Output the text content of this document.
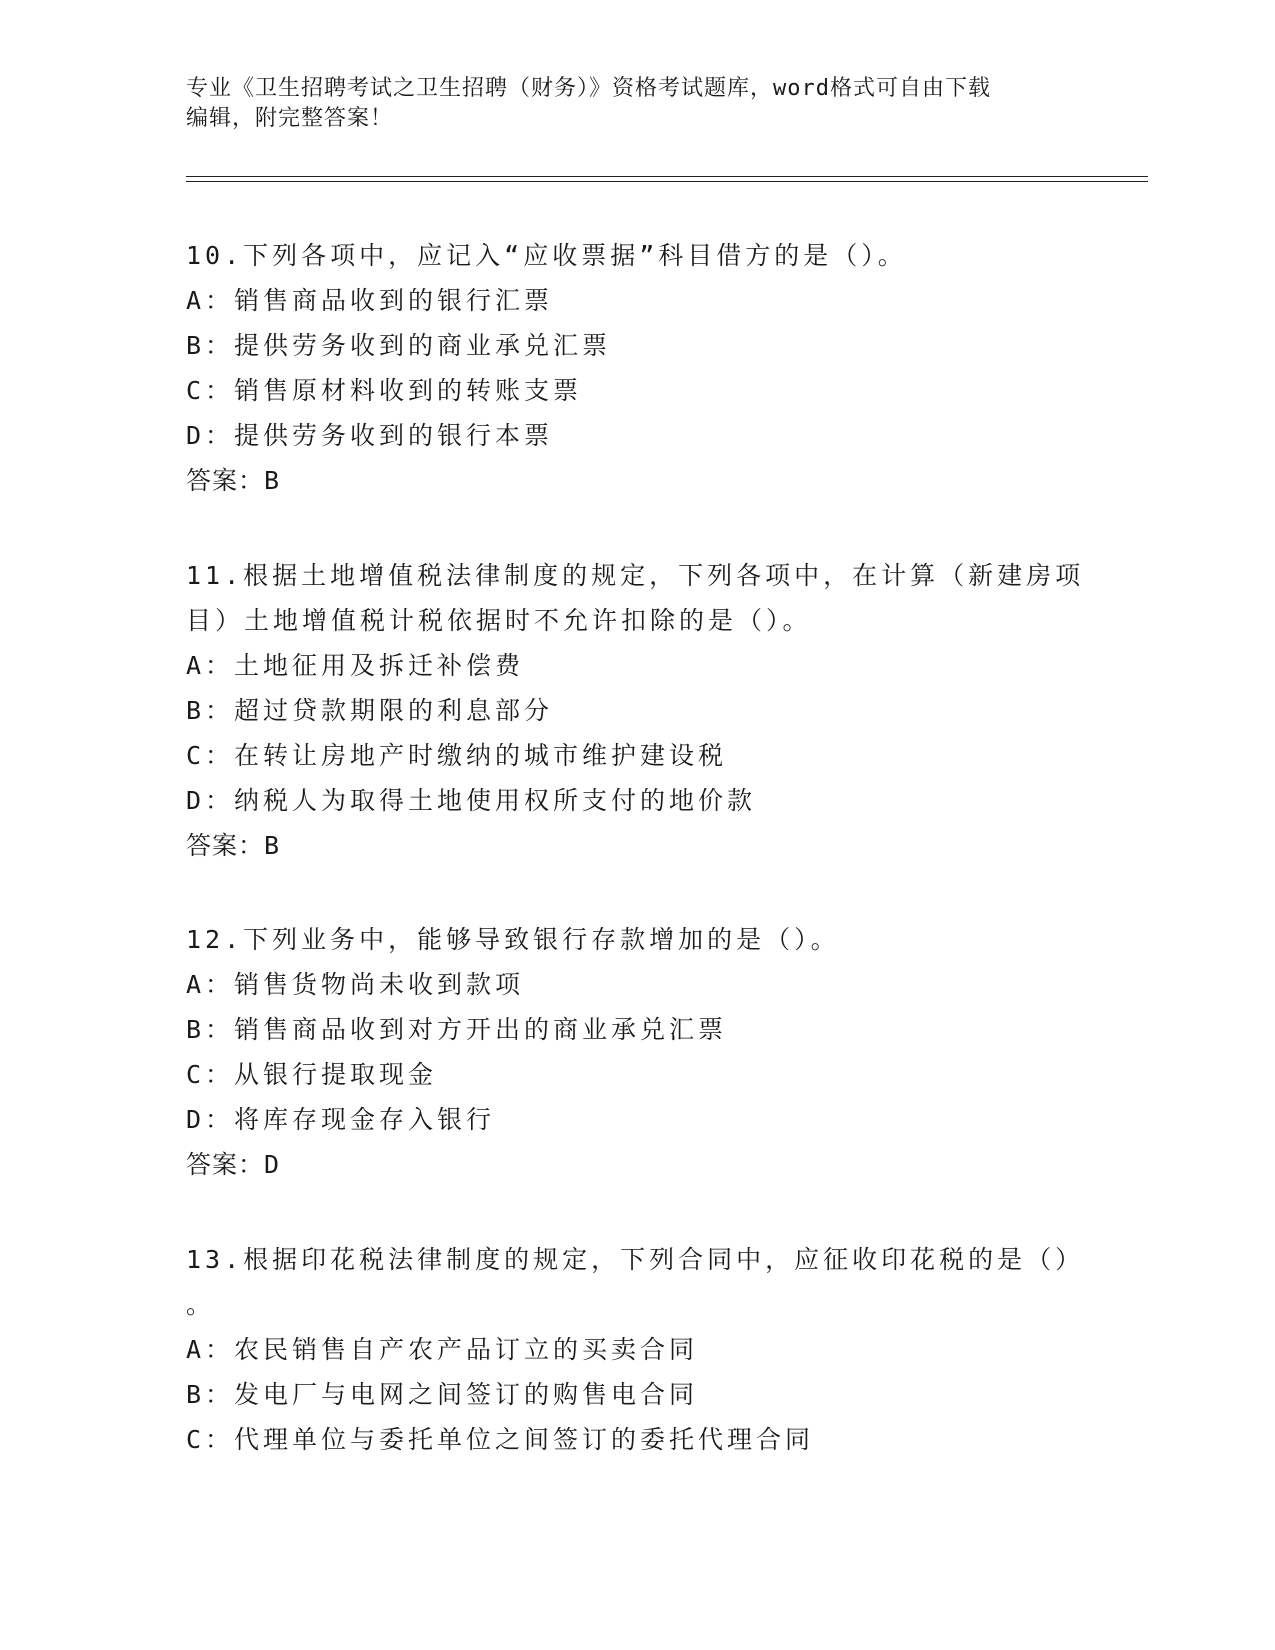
专业《卫生招聘考试之卫生招聘（财务）》资格考试题库，word格式可自由下载
编辑，附完整答案！
10.下列各项中，应记入“应收票据”科目借方的是（）。
A：销售商品收到的银行汇票
B：提供劳务收到的商业承兑汇票
C：销售原材料收到的转账支票
D：提供劳务收到的银行本票
答案：B
11.根据土地增值税法律制度的规定，下列各项中，在计算（新建房项
目）土地增值税计税依据时不允许扣除的是（）。
A：土地征用及拆迁补偿费
B：超过贷款期限的利息部分
C：在转让房地产时缴纳的城市维护建设税
D：纳税人为取得土地使用权所支付的地价款
答案：B
12.下列业务中，能够导致银行存款增加的是（）。
A：销售货物尚未收到款项
B：销售商品收到对方开出的商业承兑汇票
C：从银行提取现金
D：将库存现金存入银行
答案：D
13.根据印花税法律制度的规定，下列合同中，应征收印花税的是（）
。
A：农民销售自产农产品订立的买卖合同
B：发电厂与电网之间签订的购售电合同
C：代理单位与委托单位之间签订的委托代理合同
